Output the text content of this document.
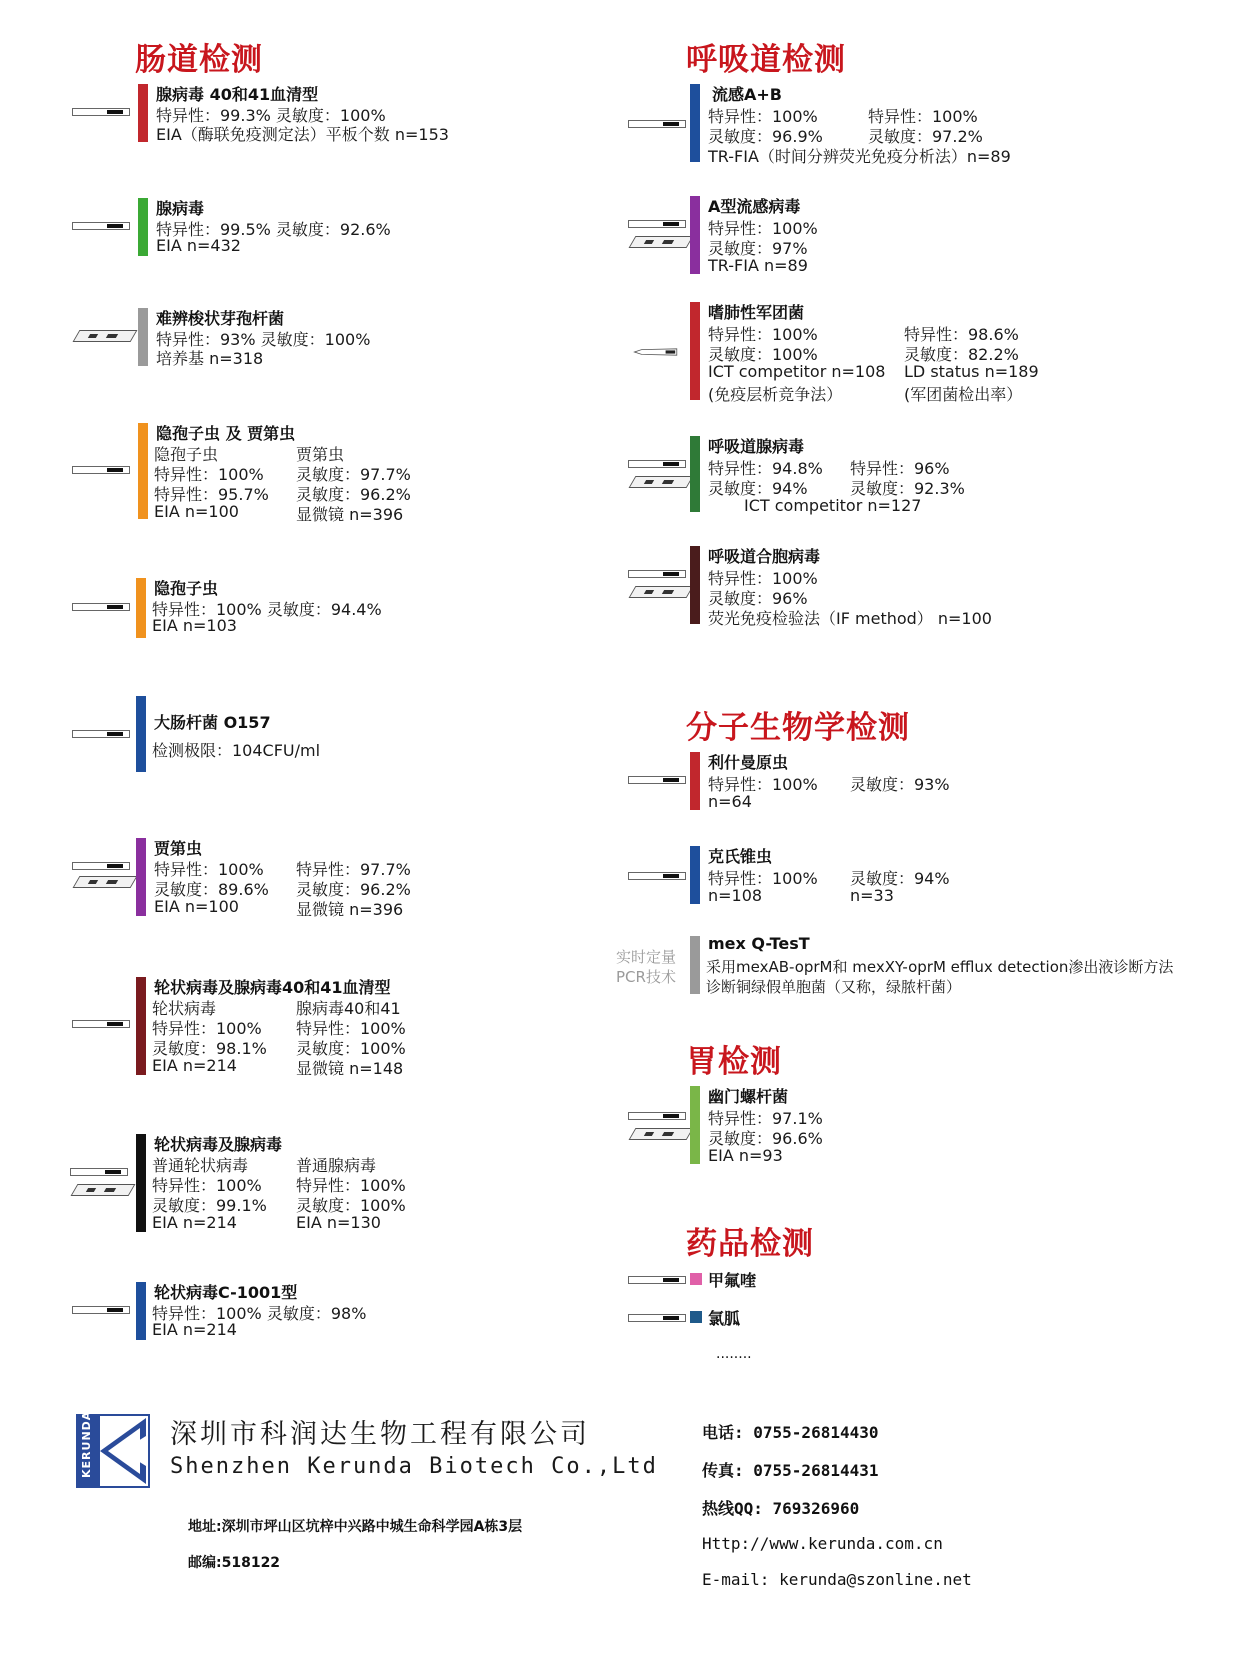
肠道检测	呼吸道检测
分子生物学检测
胃检测
药品检测
腺病毒 40和41血清型
特异性：99.3% 灵敏度：100%
EIA（酶联免疫测定法）平板个数 n=153
腺病毒
特异性：99.5% 灵敏度：92.6%
EIA n=432
难辨梭状芽孢杆菌
特异性：93% 灵敏度：100%
培养基 n=318
隐孢子虫 及 贾第虫
隐孢子虫
特异性：100%
特异性：95.7%
EIA n=100
贾第虫
灵敏度：97.7%
灵敏度：96.2%
显微镜 n=396
隐孢子虫
特异性：100% 灵敏度：94.4%
EIA n=103
大肠杆菌 O157
检测极限：104CFU/ml
贾第虫
特异性：100%
灵敏度：89.6%
EIA n=100
特异性：97.7%
灵敏度：96.2%
显微镜 n=396
轮状病毒及腺病毒40和41血清型
轮状病毒
特异性：100%
灵敏度：98.1%
EIA n=214
腺病毒40和41
特异性：100%
灵敏度：100%
显微镜 n=148
轮状病毒及腺病毒
普通轮状病毒
特异性：100%
灵敏度：99.1%
EIA n=214
普通腺病毒
特异性：100%
灵敏度：100%
EIA n=130
轮状病毒C-1001型
特异性：100% 灵敏度：98%
EIA n=214
流感A+B
特异性：100%
灵敏度：96.9%
特异性：100%
灵敏度：97.2%
TR-FIA（时间分辨荧光免疫分析法）n=89
A型流感病毒
特异性：100%
灵敏度：97%
TR-FIA n=89
嗜肺性军团菌
特异性：100%
灵敏度：100%
ICT competitor n=108
(免疫层析竞争法）
特异性：98.6%
灵敏度：82.2%
LD status n=189
(军团菌检出率）
呼吸道腺病毒
特异性：94.8%
灵敏度：94%
特异性：96%
灵敏度：92.3%
ICT competitor n=127
呼吸道合胞病毒
特异性：100%
灵敏度：96%
荧光免疫检验法（IF method） n=100
利什曼原虫
特异性：100%
n=64
灵敏度：93%
克氏锥虫
特异性：100%
n=108
灵敏度：94%
n=33
实时定量
PCR技术
mex Q-TesT
采用mexAB-oprM和 mexXY-oprM efflux detection渗出液诊断方法
诊断铜绿假单胞菌（又称，绿脓杆菌）
幽门螺杆菌
特异性：97.1%
灵敏度：96.6%
EIA n=93
甲氟喹
氯胍
........
KERUNDA	深圳市科润达生物工程有限公司
Shenzhen Kerunda Biotech Co.,Ltd
地址:深圳市坪山区坑梓中兴路中城生命科学园A栋3层
邮编:518122
电话: 0755-26814430
传真: 0755-26814431
热线QQ: 769326960
Http://www.kerunda.com.cn
E-mail: kerunda@szonline.net
